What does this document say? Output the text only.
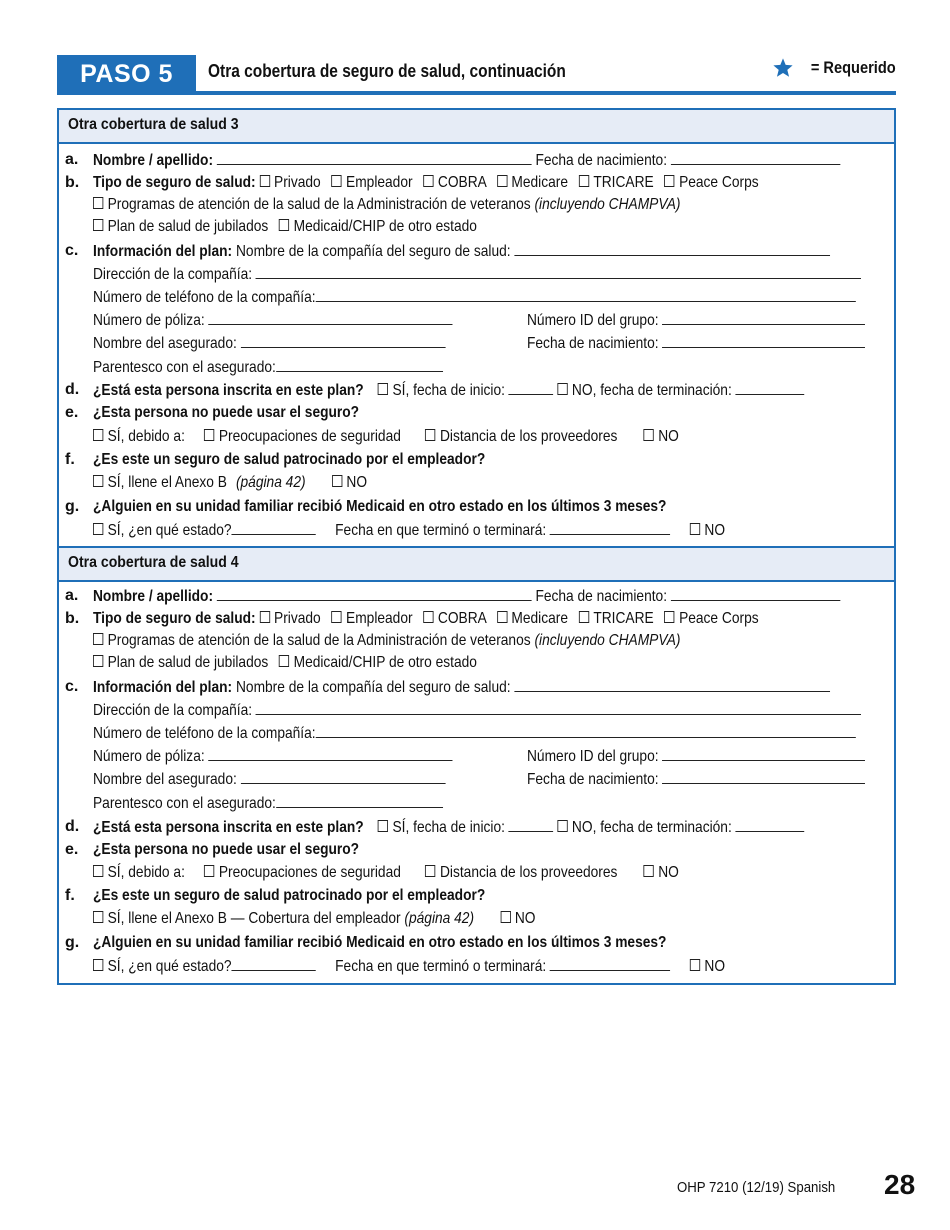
PASO 5	Otra cobertura de seguro de salud, continuación	= Requerido
Otra cobertura de salud 3
a. Nombre / apellido:	Fecha de nacimiento:
b. Tipo de seguro de salud: Privado Empleador COBRA Medicare TRICARE Peace Corps
Programas de atención de la salud de la Administración de veteranos (incluyendo CHAMPVA)
Plan de salud de jubilados Medicaid/CHIP de otro estado
c. Información del plan: Nombre de la compañía del seguro de salud:
Dirección de la compañía:
Número de teléfono de la compañía:
Número de póliza:	Número ID del grupo:
Nombre del asegurado:	Fecha de nacimiento:
Parentesco con el asegurado:
d. ¿Está esta persona inscrita en este plan? SÍ, fecha de inicio:	NO, fecha de terminación:
e. ¿Esta persona no puede usar el seguro?
SÍ, debido a: Preocupaciones de seguridad Distancia de los proveedores	NO
f. ¿Es este un seguro de salud patrocinado por el empleador?
SÍ, llene el Anexo B (página 42)	NO
g. ¿Alguien en su unidad familiar recibió Medicaid en otro estado en los últimos 3 meses?
SÍ, ¿en qué estado?	Fecha en que terminó o terminará:	NO
Otra cobertura de salud 4
a. Nombre / apellido:	Fecha de nacimiento:
b. Tipo de seguro de salud: Privado Empleador COBRA Medicare TRICARE Peace Corps
Programas de atención de la salud de la Administración de veteranos (incluyendo CHAMPVA)
Plan de salud de jubilados Medicaid/CHIP de otro estado
c. Información del plan: Nombre de la compañía del seguro de salud:
Dirección de la compañía:
Número de teléfono de la compañía:
Número de póliza:	Número ID del grupo:
Nombre del asegurado:	Fecha de nacimiento:
Parentesco con el asegurado:
d. ¿Está esta persona inscrita en este plan? SÍ, fecha de inicio:	NO, fecha de terminación:
e. ¿Esta persona no puede usar el seguro?
SÍ, debido a: Preocupaciones de seguridad Distancia de los proveedores	NO
f. ¿Es este un seguro de salud patrocinado por el empleador?
SÍ, llene el Anexo B — Cobertura del empleador (página 42)	NO
g. ¿Alguien en su unidad familiar recibió Medicaid en otro estado en los últimos 3 meses?
SÍ, ¿en qué estado?	Fecha en que terminó o terminará:	NO
OHP 7210 (12/19) Spanish 28
